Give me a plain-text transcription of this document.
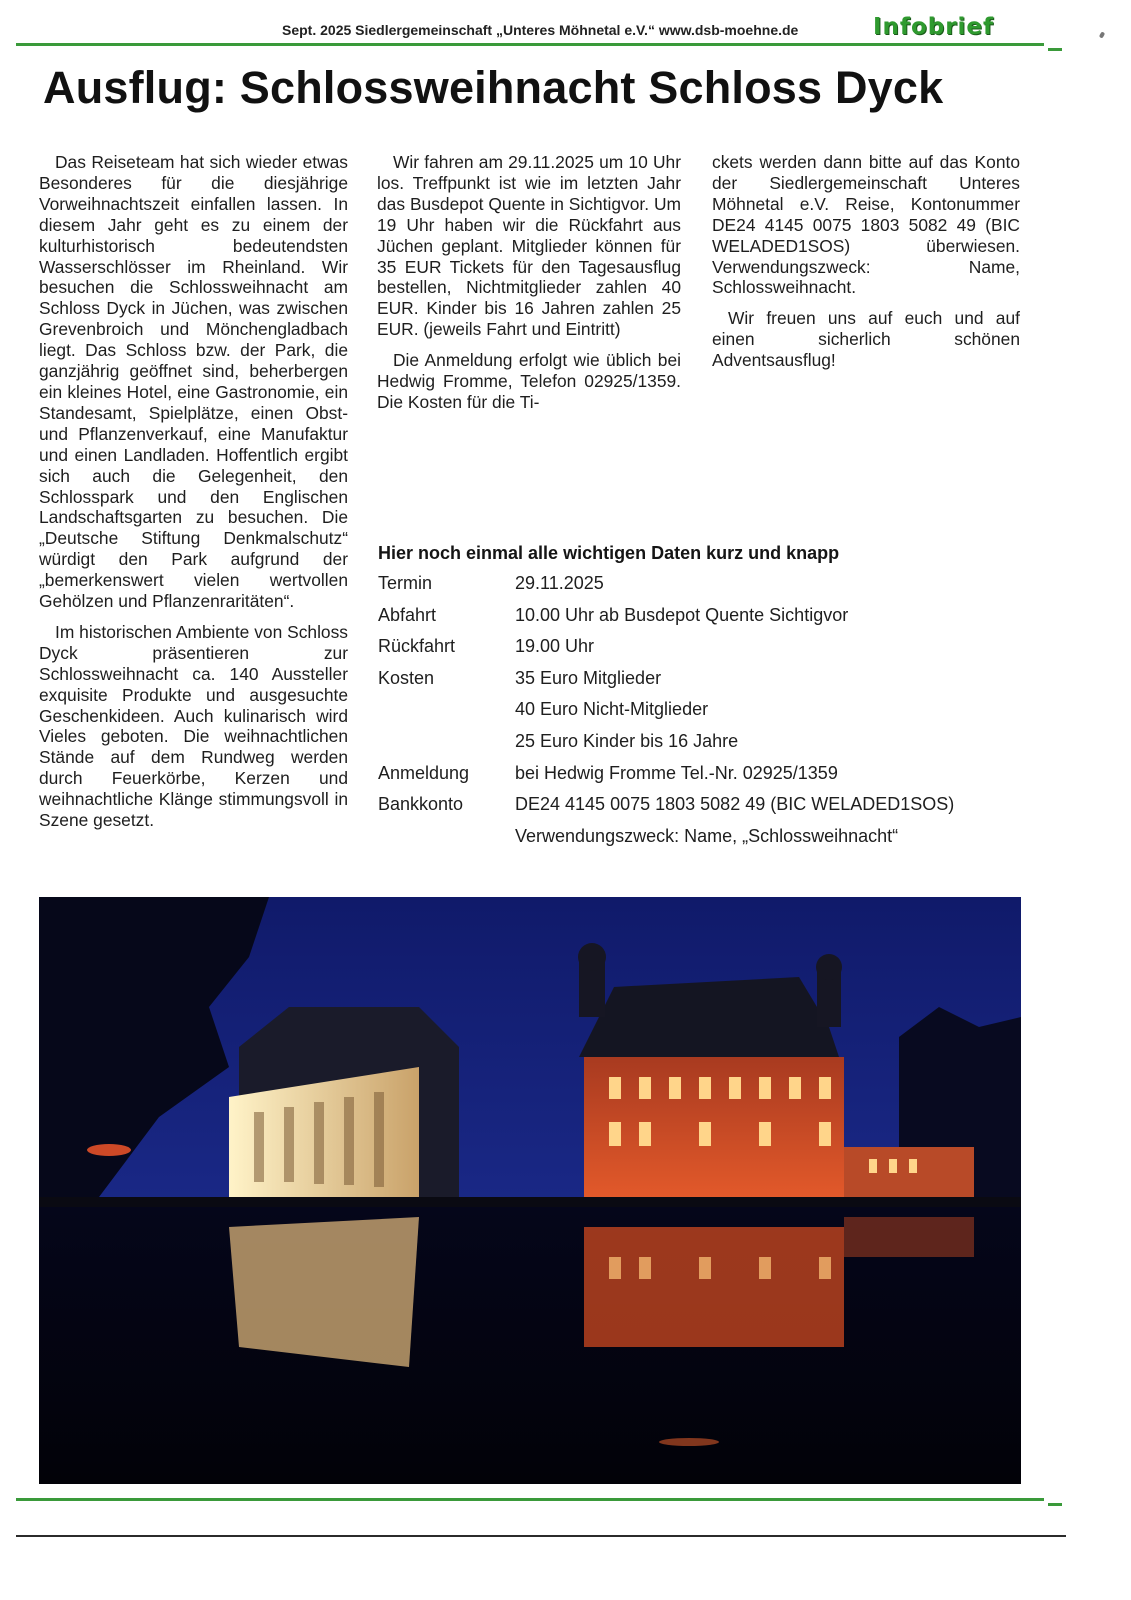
Sept. 2025 Siedlergemeinschaft „Unteres Möhnetal e.V.“ www.dsb-moehne.de	Infobrief
Ausflug: Schlossweihnacht Schloss Dyck

Das Reiseteam hat sich wieder etwas Besonderes für die diesjährige Vorweihnachtszeit einfallen lassen. In diesem Jahr geht es zu einem der kulturhistorisch bedeutendsten Wasserschlösser im Rheinland. Wir besuchen die Schlossweihnacht am Schloss Dyck in Jüchen, was zwischen Grevenbroich und Mönchengladbach liegt. Das Schloss bzw. der Park, die ganzjährig geöffnet sind, beherbergen ein kleines Hotel, eine Gastronomie, ein Standesamt, Spielplätze, einen Obst- und Pflanzenverkauf, eine Manufaktur und einen Landladen. Hoffentlich ergibt sich auch die Gelegenheit, den Schlosspark und den Englischen Landschaftsgarten zu besuchen. Die „Deutsche Stiftung Denkmalschutz“ würdigt den Park aufgrund der „bemerkenswert vielen wertvollen Gehölzen und Pflanzenraritäten“.

Im historischen Ambiente von Schloss Dyck präsentieren zur Schlossweihnacht ca. 140 Aussteller exquisite Produkte und ausgesuchte Geschenkideen. Auch kulinarisch wird Vieles geboten. Die weihnachtlichen Stände auf dem Rundweg werden durch Feuerkörbe, Kerzen und weihnachtliche Klänge stimmungsvoll in Szene gesetzt.

Wir fahren am 29.11.2025 um 10 Uhr los. Treffpunkt ist wie im letzten Jahr das Busdepot Quente in Sichtigvor. Um 19 Uhr haben wir die Rückfahrt aus Jüchen geplant. Mitglieder können für 35 EUR Tickets für den Tagesausflug bestellen, Nichtmitglieder zahlen 40 EUR. Kinder bis 16 Jahren zahlen 25 EUR. (jeweils Fahrt und Eintritt)

Die Anmeldung erfolgt wie üblich bei Hedwig Fromme, Telefon 02925/1359. Die Kosten für die Ti-

ckets werden dann bitte auf das Konto der Siedlergemeinschaft Unteres Möhnetal e.V. Reise, Kontonummer DE24 4145 0075 1803 5082 49 (BIC WELADED1SOS) überwiesen. Verwendungszweck: Name, Schlossweihnacht.

Wir freuen uns auf euch und auf einen sicherlich schönen Adventsausflug!

Hier noch einmal alle wichtigen Daten kurz und knapp
Termin	29.11.2025
Abfahrt	10.00 Uhr ab Busdepot Quente Sichtigvor
Rückfahrt	19.00 Uhr
Kosten	35 Euro Mitglieder
40 Euro Nicht-Mitglieder
25 Euro Kinder bis 16 Jahre
Anmeldung	bei Hedwig Fromme Tel.-Nr. 02925/1359
Bankkonto	DE24 4145 0075 1803 5082 49 (BIC WELADED1SOS)
Verwendungszweck: Name, „Schlossweihnacht“
